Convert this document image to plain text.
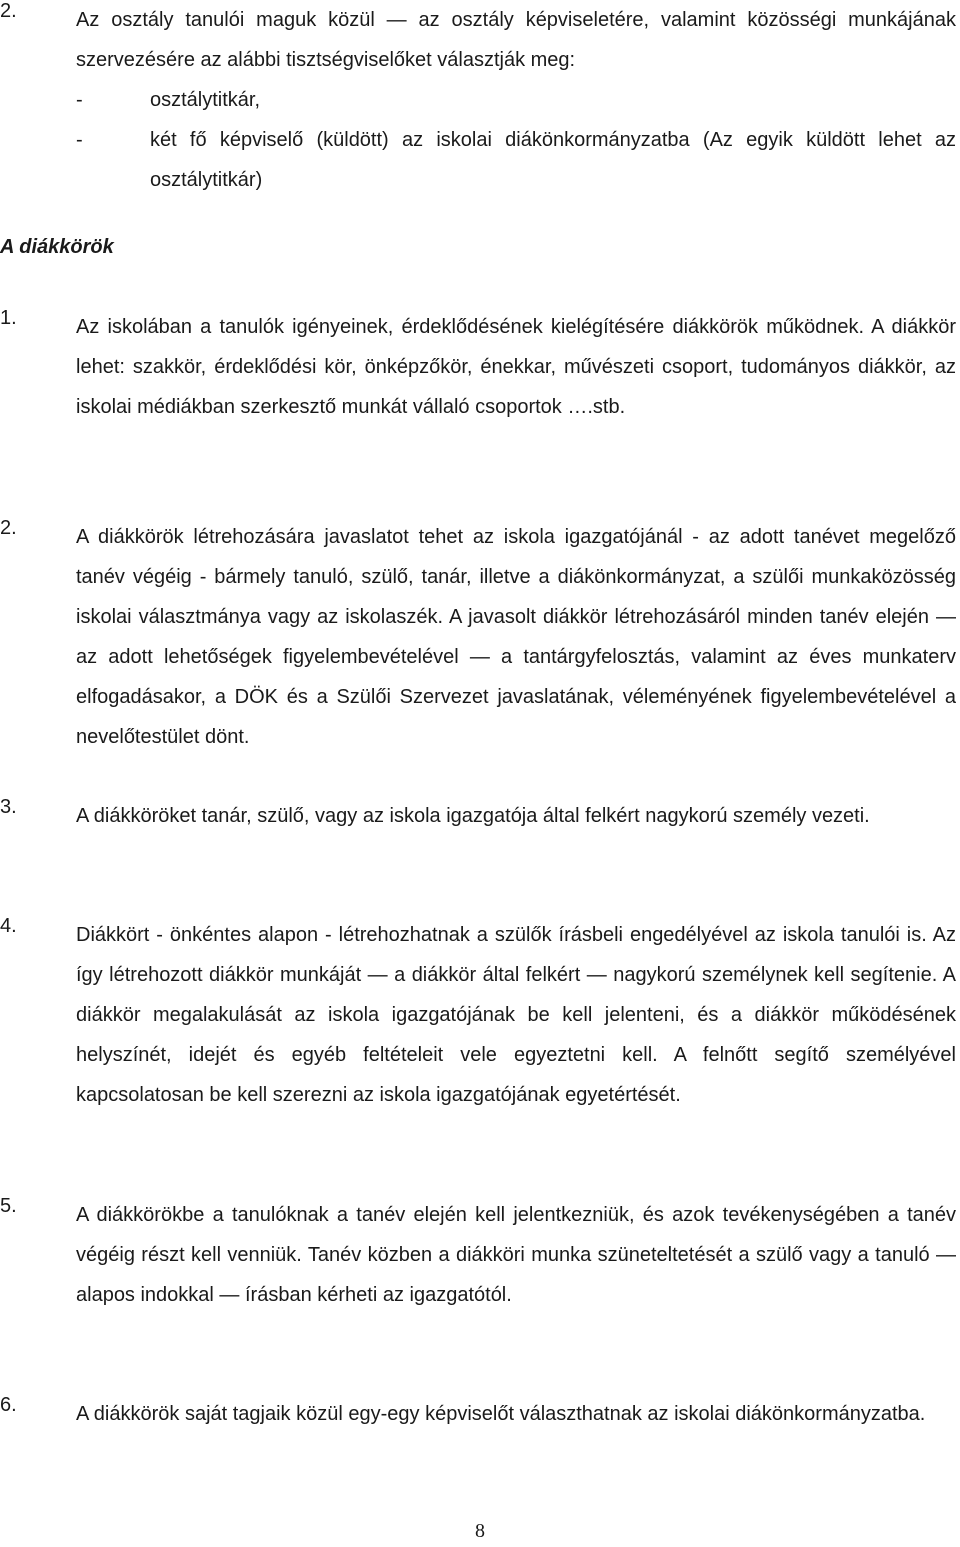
2.	Az osztály tanulói maguk közül — az osztály képviseletére, valamint közösségi munkájának szervezésére az alábbi tisztségviselőket választják meg:
-	osztálytitkár,
-	két fő képviselő (küldött) az iskolai diákönkormányzatba (Az egyik küldött lehet az osztálytitkár)
A diákkörök
1.	Az iskolában a tanulók igényeinek, érdeklődésének kielégítésére diákkörök működnek. A diákkör lehet: szakkör, érdeklődési kör, önképzőkör, énekkar, művészeti csoport, tudományos diákkör, az iskolai médiákban szerkesztő munkát vállaló csoportok ….stb.
2.	A diákkörök létrehozására javaslatot tehet az iskola igazgatójánál - az adott tanévet megelőző tanév végéig - bármely tanuló, szülő, tanár, illetve a diákönkormányzat, a szülői munkaközösség iskolai választmánya vagy az iskolaszék. A javasolt diákkör létrehozásáról minden tanév elején — az adott lehetőségek figyelembevételével — a tantárgyfelosztás, valamint az éves munkaterv elfogadásakor, a DÖK és a Szülői Szervezet javaslatának, véleményének figyelembevételével a nevelőtestület dönt.
3.	A diákköröket tanár, szülő, vagy az iskola igazgatója által felkért nagykorú személy vezeti.
4.	Diákkört - önkéntes alapon - létrehozhatnak a szülők írásbeli engedélyével az iskola tanulói is. Az így létrehozott diákkör munkáját — a diákkör által felkért — nagykorú személynek kell segítenie. A diákkör megalakulását az iskola igazgatójának be kell jelenteni, és a diákkör működésének helyszínét, idejét és egyéb feltételeit vele egyeztetni kell. A felnőtt segítő személyével kapcsolatosan be kell szerezni az iskola igazgatójának egyetértését.
5.	A diákkörökbe a tanulóknak a tanév elején kell jelentkezniük, és azok tevékenységében a tanév végéig részt kell venniük. Tanév közben a diákköri munka szüneteltetését a szülő vagy a tanuló — alapos indokkal — írásban kérheti az igazgatótól.
6.	A diákkörök saját tagjaik közül egy-egy képviselőt választhatnak az iskolai diákönkormányzatba.
8
